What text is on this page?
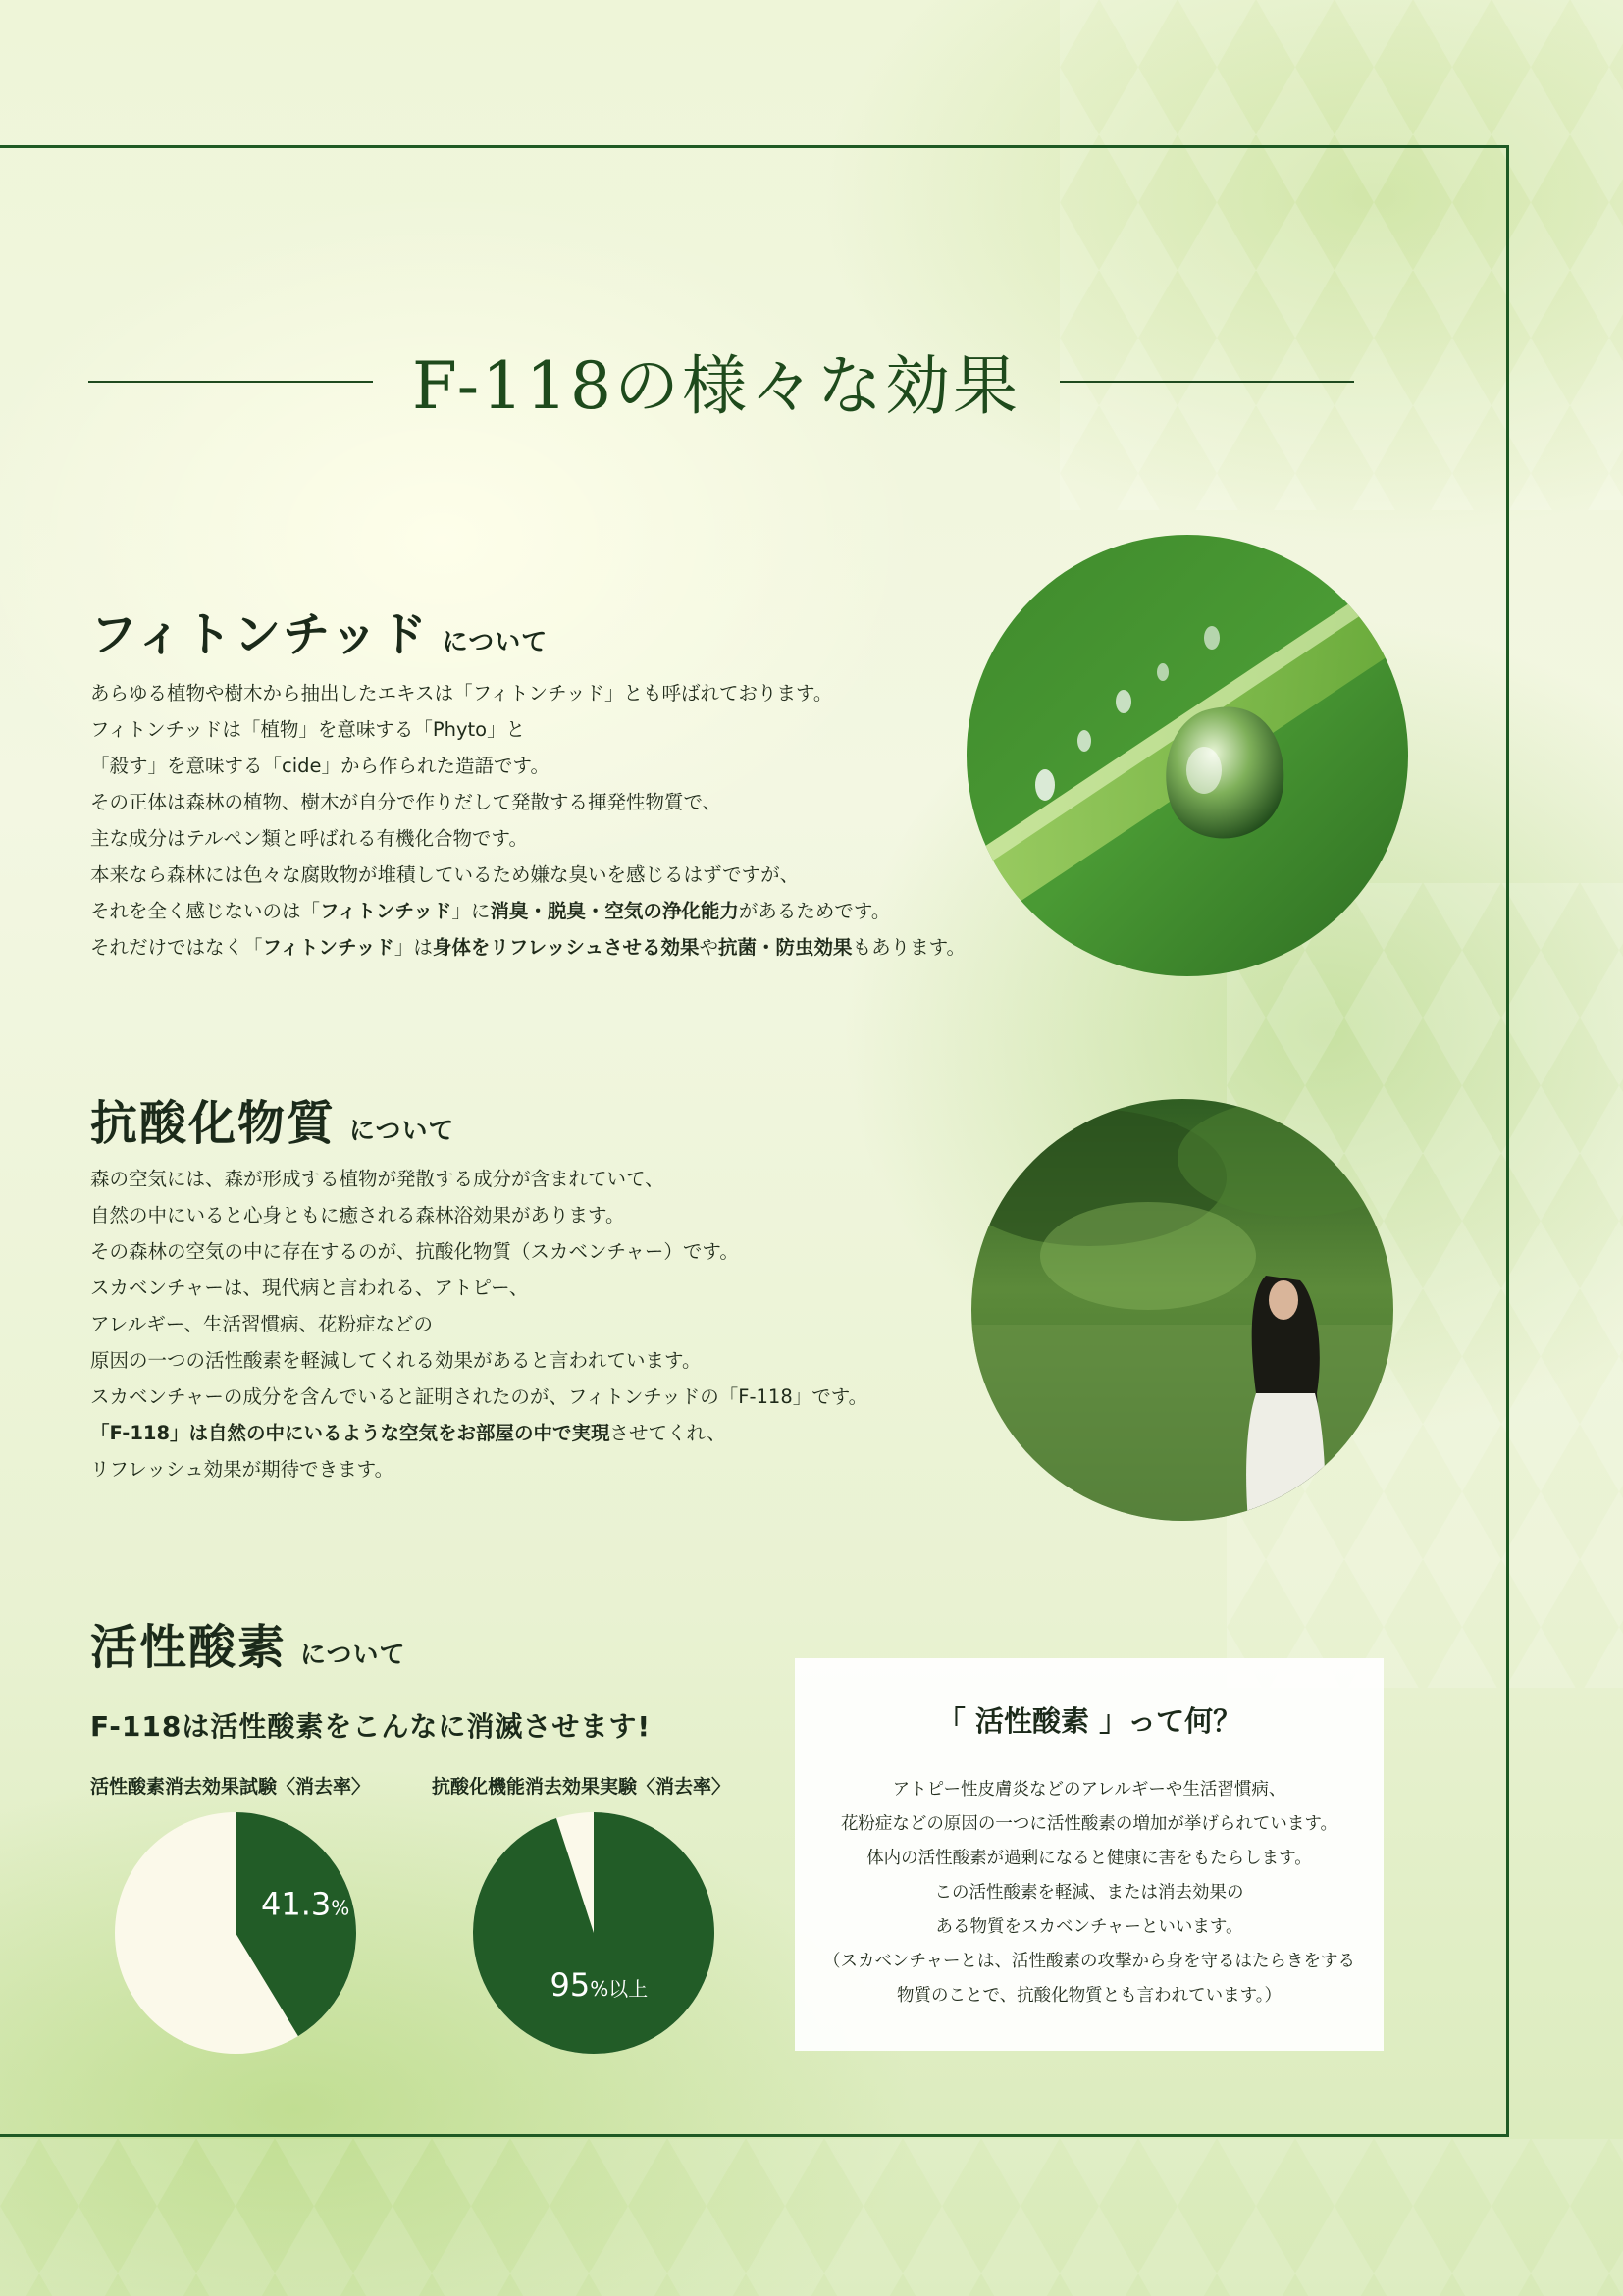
F-118の様々な効果
フィトンチッド について
あらゆる植物や樹木から抽出したエキスは「フィトンチッド」とも呼ばれております。
フィトンチッドは「植物」を意味する「Phyto」と
「殺す」を意味する「cide」から作られた造語です。
その正体は森林の植物、樹木が自分で作りだして発散する揮発性物質で、
主な成分はテルペン類と呼ばれる有機化合物です。
本来なら森林には色々な腐敗物が堆積しているため嫌な臭いを感じるはずですが、
それを全く感じないのは「フィトンチッド」に消臭・脱臭・空気の浄化能力があるためです。
それだけではなく「フィトンチッド」は身体をリフレッシュさせる効果や抗菌・防虫効果もあります。
抗酸化物質 について
森の空気には、森が形成する植物が発散する成分が含まれていて、
自然の中にいると心身ともに癒される森林浴効果があります。
その森林の空気の中に存在するのが、抗酸化物質（スカベンチャー）です。
スカベンチャーは、現代病と言われる、アトピー、
アレルギー、生活習慣病、花粉症などの
原因の一つの活性酸素を軽減してくれる効果があると言われています。
スカベンチャーの成分を含んでいると証明されたのが、フィトンチッドの「F-118」です。
「F-118」は自然の中にいるような空気をお部屋の中で実現させてくれ、
リフレッシュ効果が期待できます。
活性酸素 について
F-118は活性酸素をこんなに消滅させます!
活性酸素消去効果試験〈消去率〉	抗酸化機能消去効果実験〈消去率〉
41.3%
95%以上
「 活性酸素 」って何？
アトピー性皮膚炎などのアレルギーや生活習慣病、
花粉症などの原因の一つに活性酸素の増加が挙げられています。
体内の活性酸素が過剰になると健康に害をもたらします。
この活性酸素を軽減、または消去効果の
ある物質をスカベンチャーといいます。
（スカベンチャーとは、活性酸素の攻撃から身を守るはたらきをする
物質のことで、抗酸化物質とも言われています。）
